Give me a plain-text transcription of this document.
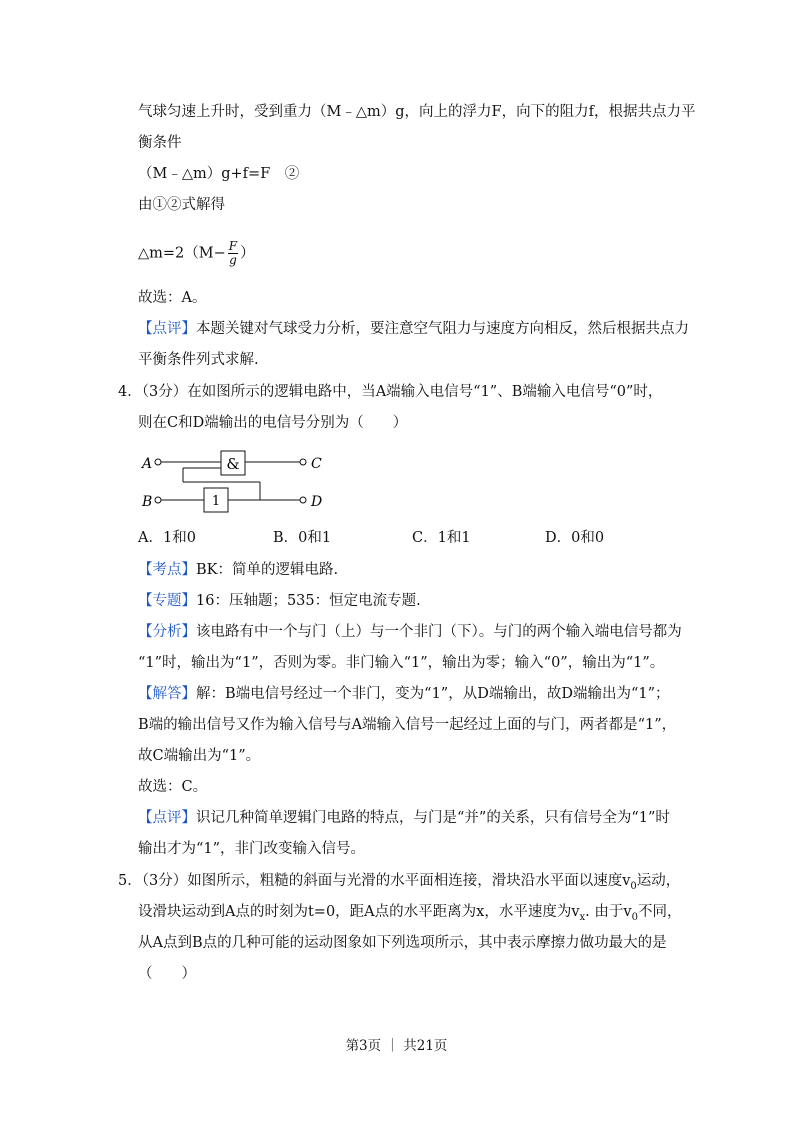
气球匀速上升时，受到重力（M﹣△m）g，向上的浮力F，向下的阻力f，根据共点力平
衡条件
（M﹣△m）g+f=F　②
由①②式解得
△m=2（M− $\frac{F}{g}$ ）
故选：A。
【点评】本题关键对气球受力分析，要注意空气阻力与速度方向相反，然后根据共点力
平衡条件列式求解.
4．（3分）在如图所示的逻辑电路中，当A端输入电信号“1”、B端输入电信号“0”时，
则在C和D端输出的电信号分别为（　　）
A	C
B	D
&
1
A．1和0	B．0和1	C．1和1	D．0和0
【考点】BK：简单的逻辑电路.
【专题】16：压轴题；535：恒定电流专题.
【分析】该电路有中一个与门（上）与一个非门（下）。与门的两个输入端电信号都为
“1”时，输出为“1”，否则为零。非门输入“1”，输出为零；输入“0”，输出为“1”。
【解答】解：B端电信号经过一个非门，变为“1”，从D端输出，故D端输出为“1”；
B端的输出信号又作为输入信号与A端输入信号一起经过上面的与门，两者都是“1”，
故C端输出为“1”。
故选：C。
【点评】识记几种简单逻辑门电路的特点，与门是“并”的关系，只有信号全为“1”时
输出才为“1”，非门改变输入信号。
5．（3分）如图所示，粗糙的斜面与光滑的水平面相连接，滑块沿水平面以速度$v_0$运动，
设滑块运动到A点的时刻为t=0，距A点的水平距离为x，水平速度为$v_x$. 由于$v_0$不同，
从A点到B点的几种可能的运动图象如下列选项所示，其中表示摩擦力做功最大的是
（　　）
第3页 ｜ 共21页
